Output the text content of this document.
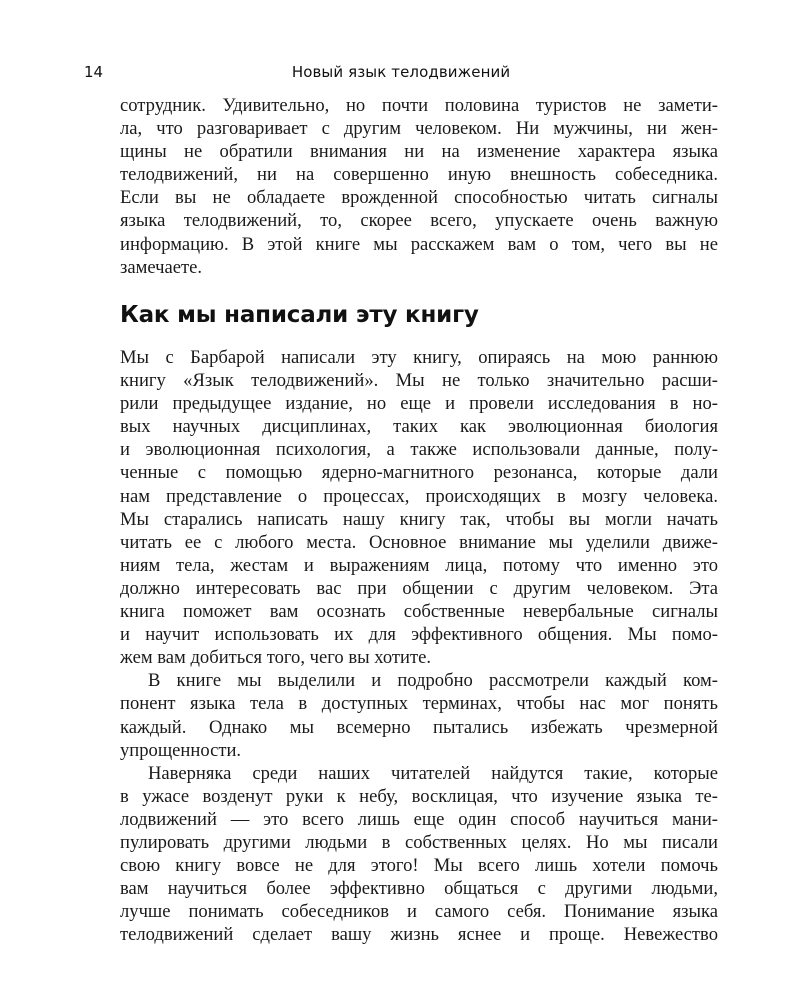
14	Новый язык телодвижений
сотрудник. Удивительно, но почти половина туристов не замети-
ла, что разговаривает с другим человеком. Ни мужчины, ни жен-
щины не обратили внимания ни на изменение характера языка
телодвижений, ни на совершенно иную внешность собеседника.
Если вы не обладаете врожденной способностью читать сигналы
языка телодвижений, то, скорее всего, упускаете очень важную
информацию. В этой книге мы расскажем вам о том, чего вы не
замечаете.
Как мы написали эту книгу
Мы с Барбарой написали эту книгу, опираясь на мою раннюю
книгу «Язык телодвижений». Мы не только значительно расши-
рили предыдущее издание, но еще и провели исследования в но-
вых научных дисциплинах, таких как эволюционная биология
и эволюционная психология, а также использовали данные, полу-
ченные с помощью ядерно-магнитного резонанса, которые дали
нам представление о процессах, происходящих в мозгу человека.
Мы старались написать нашу книгу так, чтобы вы могли начать
читать ее с любого места. Основное внимание мы уделили движе-
ниям тела, жестам и выражениям лица, потому что именно это
должно интересовать вас при общении с другим человеком. Эта
книга поможет вам осознать собственные невербальные сигналы
и научит использовать их для эффективного общения. Мы помо-
жем вам добиться того, чего вы хотите.
В книге мы выделили и подробно рассмотрели каждый ком-
понент языка тела в доступных терминах, чтобы нас мог понять
каждый. Однако мы всемерно пытались избежать чрезмерной
упрощенности.
Наверняка среди наших читателей найдутся такие, которые
в ужасе возденут руки к небу, восклицая, что изучение языка те-
лодвижений — это всего лишь еще один способ научиться мани-
пулировать другими людьми в собственных целях. Но мы писали
свою книгу вовсе не для этого! Мы всего лишь хотели помочь
вам научиться более эффективно общаться с другими людьми,
лучше понимать собеседников и самого себя. Понимание языка
телодвижений сделает вашу жизнь яснее и проще. Невежество
